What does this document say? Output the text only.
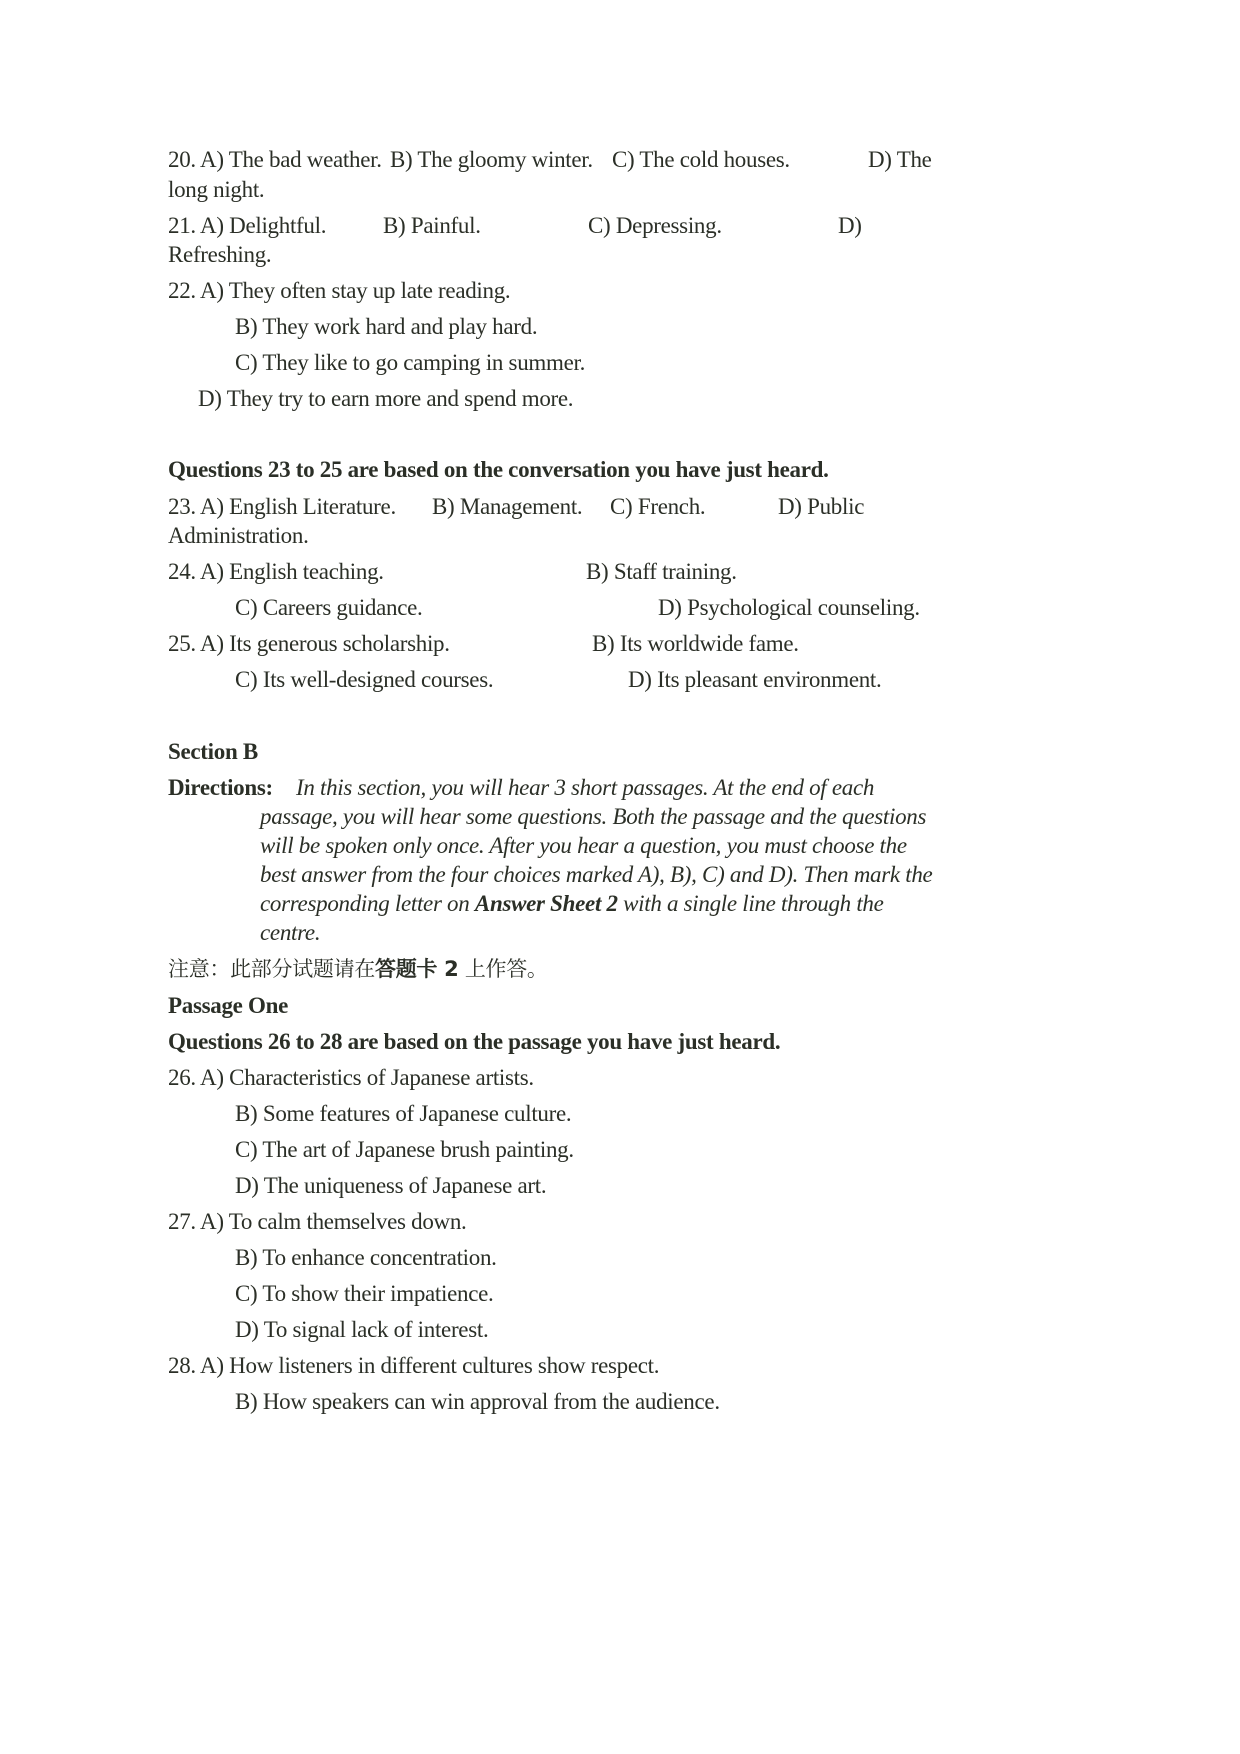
20. A) The bad weather. B) The gloomy winter. C) The cold houses.	D) The
long night.
21. A) Delightful. B) Painful.	C) Depressing.	D)
Refreshing.
22. A) They often stay up late reading.
B) They work hard and play hard.
C) They like to go camping in summer.
D) They try to earn more and spend more.
Questions 23 to 25 are based on the conversation you have just heard.
23. A) English Literature. B) Management. C) French.	D) Public
Administration.
24. A) English teaching.	B) Staff training.
C) Careers guidance.	D) Psychological counseling.
25. A) Its generous scholarship.	B) Its worldwide fame.
C) Its well-designed courses.	D) Its pleasant environment.
Section B
Directions: In this section, you will hear 3 short passages. At the end of each
passage, you will hear some questions. Both the passage and the questions
will be spoken only once. After you hear a question, you must choose the
best answer from the four choices marked A), B), C) and D). Then mark the
corresponding letter on Answer Sheet 2 with a single line through the
centre.
注意：此部分试题请在答题卡 2 上作答。
Passage One
Questions 26 to 28 are based on the passage you have just heard.
26. A) Characteristics of Japanese artists.
B) Some features of Japanese culture.
C) The art of Japanese brush painting.
D) The uniqueness of Japanese art.
27. A) To calm themselves down.
B) To enhance concentration.
C) To show their impatience.
D) To signal lack of interest.
28. A) How listeners in different cultures show respect.
B) How speakers can win approval from the audience.
